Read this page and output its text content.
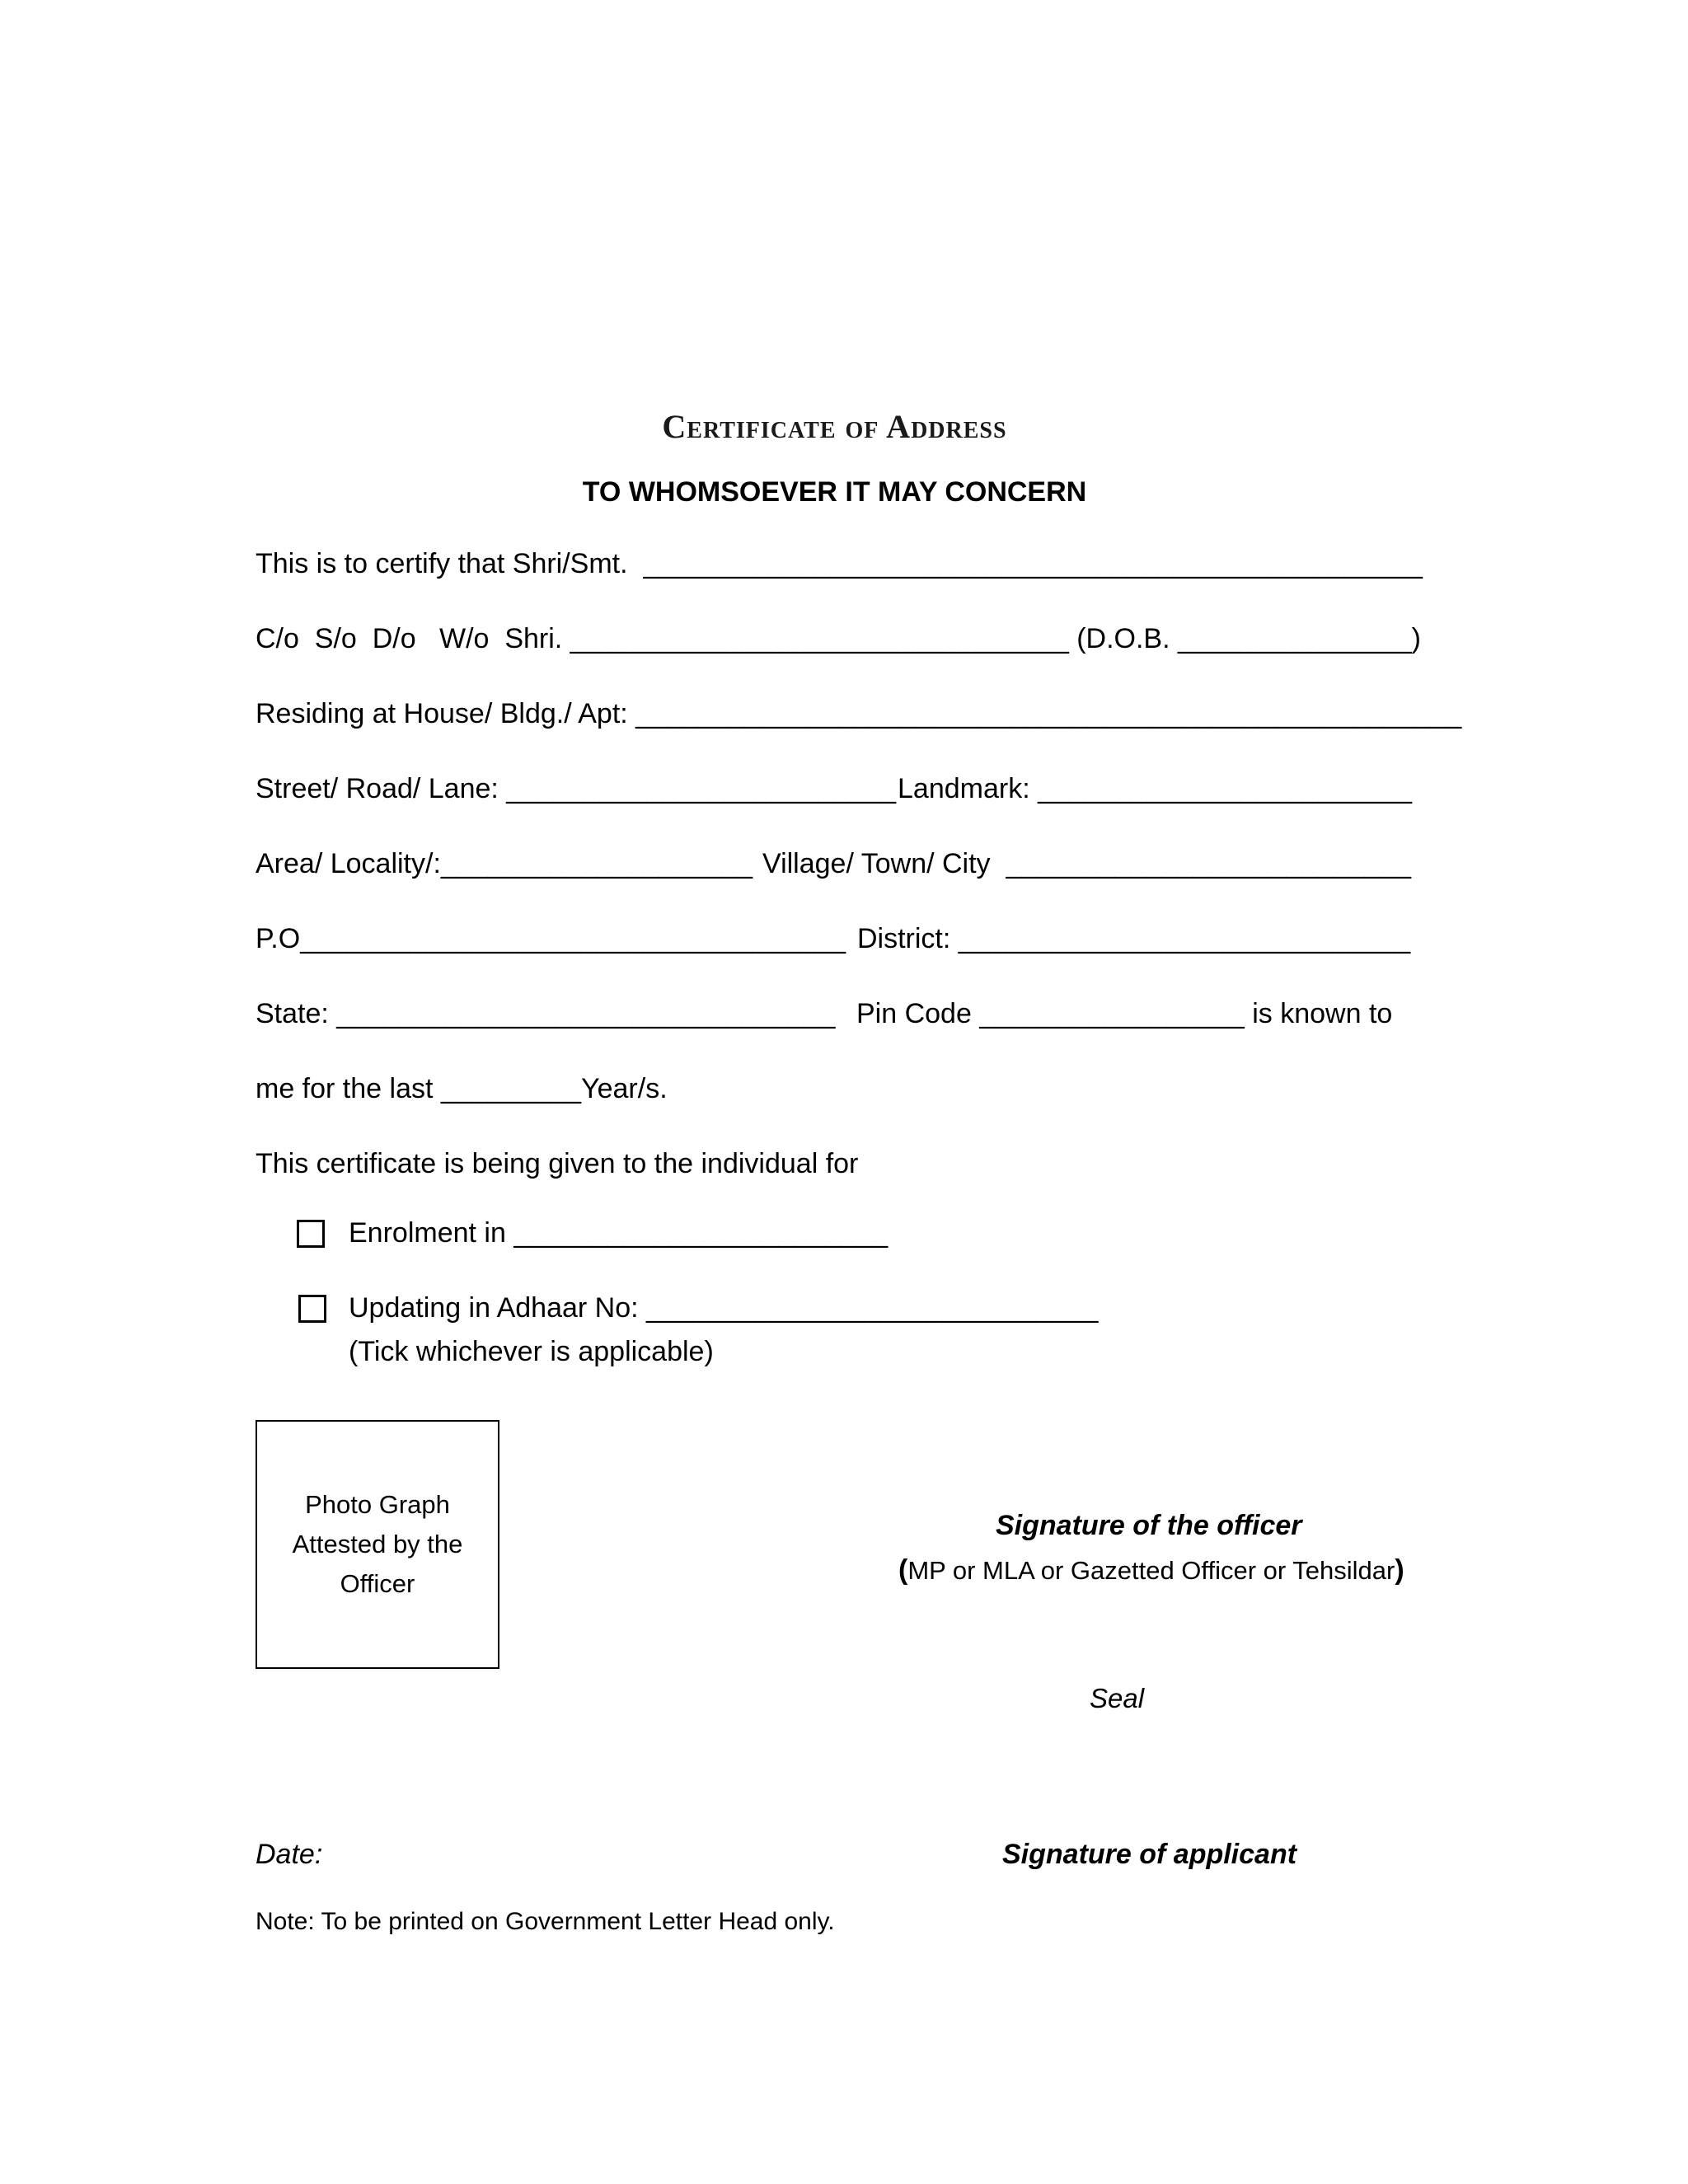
Certificate of Address
TO WHOMSOEVER IT MAY CONCERN
This is to certify that Shri/Smt.  __________________________________________________
C/o  S/o  D/o   W/o  Shri. ________________________________ (D.O.B. _______________)
Residing at House/ Bldg./ Apt: _____________________________________________________
Street/ Road/ Lane: _________________________ Landmark: ________________________
Area/ Locality/:____________________ Village/ Town/ City  __________________________
P.O___________________________________ District: _____________________________
State: ________________________________ Pin Code _________________ is known to
me for the last _________Year/s.
This certificate is being given to the individual for
Enrolment in ________________________
Updating in Adhaar No: _____________________________
(Tick whichever is applicable)
Photo Graph
Attested by the
Officer
Signature of the officer
(MP or MLA or Gazetted Officer or Tehsildar)
Seal
Date:	Signature of applicant
Note: To be printed on Government Letter Head only.
